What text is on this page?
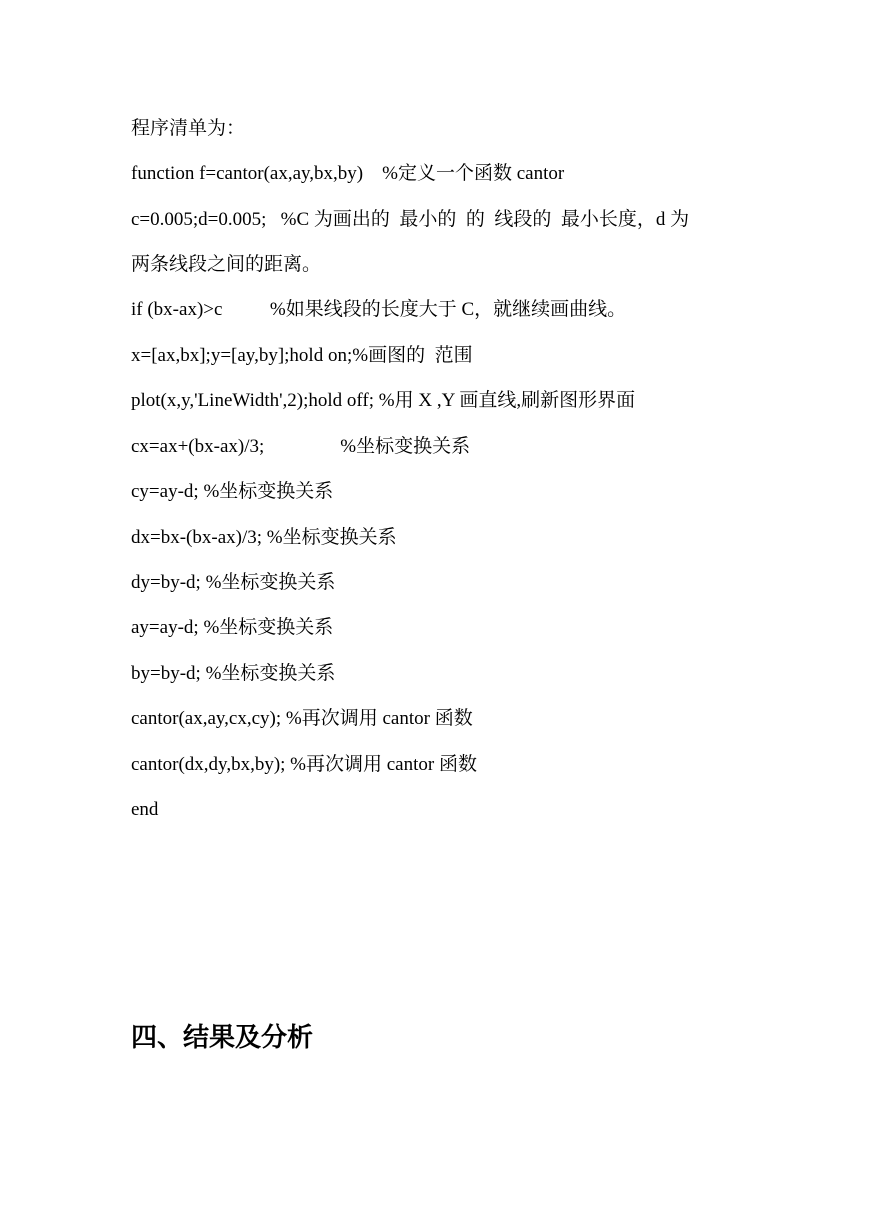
程序清单为：
function f=cantor(ax,ay,bx,by)    %定义一个函数 cantor
c=0.005;d=0.005;   %C 为画出的  最小的  的  线段的  最小长度，d 为
两条线段之间的距离。
if (bx-ax)>c          %如果线段的长度大于 C，就继续画曲线。
x=[ax,bx];y=[ay,by];hold on;%画图的  范围
plot(x,y,'LineWidth',2);hold off; %用 X ,Y 画直线,刷新图形界面
cx=ax+(bx-ax)/3;                %坐标变换关系
cy=ay-d; %坐标变换关系
dx=bx-(bx-ax)/3; %坐标变换关系
dy=by-d; %坐标变换关系
ay=ay-d; %坐标变换关系
by=by-d; %坐标变换关系
cantor(ax,ay,cx,cy); %再次调用 cantor 函数
cantor(dx,dy,bx,by); %再次调用 cantor 函数
end
四、结果及分析
